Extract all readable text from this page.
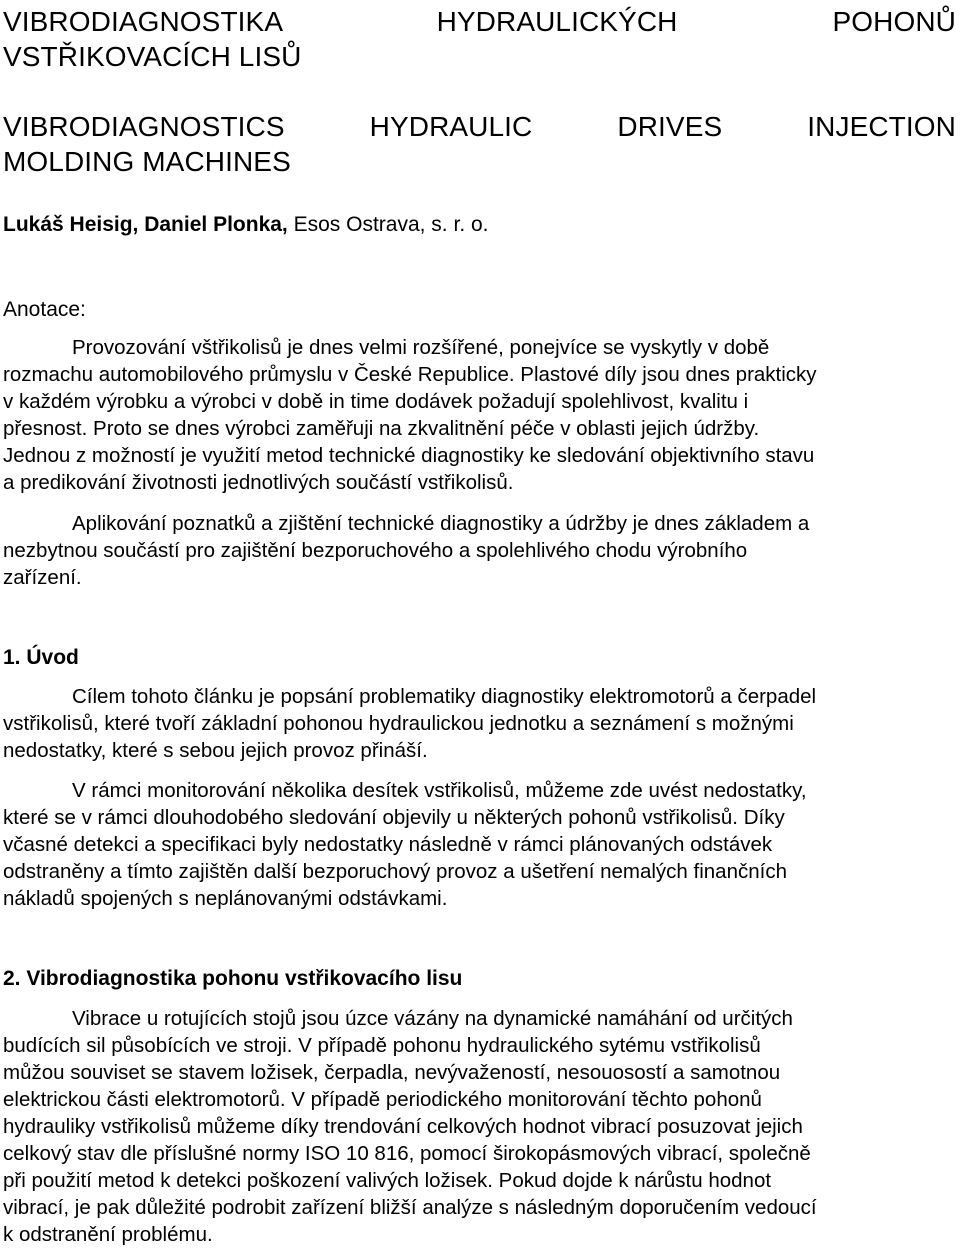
VIBRODIAGNOSTIKA	HYDRAULICKÝCH	POHONŮ
VSTŘIKOVACÍCH LISŮ
VIBRODIAGNOSTICS	HYDRAULIC	DRIVES	INJECTION
MOLDING MACHINES
Lukáš Heisig, Daniel Plonka, Esos Ostrava, s. r. o.
Anotace:
Provozování vštřikolisů je dnes velmi rozšířené, ponejvíce se vyskytly v době
rozmachu automobilového průmyslu v České Republice. Plastové díly jsou dnes prakticky
v každém výrobku a výrobci v době in time dodávek požadují spolehlivost, kvalitu i
přesnost. Proto se dnes výrobci zaměřuji na zkvalitnění péče v oblasti jejich údržby.
Jednou z možností je využití metod technické diagnostiky ke sledování objektivního stavu
a predikování životnosti jednotlivých součástí vstřikolisů.
Aplikování poznatků a zjištění technické diagnostiky a údržby je dnes základem a
nezbytnou součástí pro zajištění bezporuchového a spolehlivého chodu výrobního
zařízení.
1. Úvod
Cílem tohoto článku je popsání problematiky diagnostiky elektromotorů a čerpadel
vstřikolisů, které tvoří základní pohonou hydraulickou jednotku a seznámení s možnými
nedostatky, které s sebou jejich provoz přináší.
V rámci monitorování několika desítek vstřikolisů, můžeme zde uvést nedostatky,
které se v rámci dlouhodobého sledování objevily u některých pohonů vstřikolisů. Díky
včasné detekci a specifikaci byly nedostatky následně v rámci plánovaných odstávek
odstraněny a tímto zajištěn další bezporuchový provoz a ušetření nemalých finančních
nákladů spojených s neplánovanými odstávkami.
2. Vibrodiagnostika pohonu vstřikovacího lisu
Vibrace u rotujících stojů jsou úzce vázány na dynamické namáhání od určitých
budících sil působících ve stroji. V případě pohonu hydraulického sytému vstřikolisů
můžou souviset se stavem ložisek, čerpadla, nevývažeností, nesouosostí a samotnou
elektrickou části elektromotorů. V případě periodického monitorování těchto pohonů
hydrauliky vstřikolisů můžeme díky trendování celkových hodnot vibrací posuzovat jejich
celkový stav dle příslušné normy ISO 10 816, pomocí širokopásmových vibrací, společně
při použití metod k detekci poškození valivých ložisek. Pokud dojde k nárůstu hodnot
vibrací, je pak důležité podrobit zařízení bližší analýze s následným doporučením vedoucí
k odstranění problému.
